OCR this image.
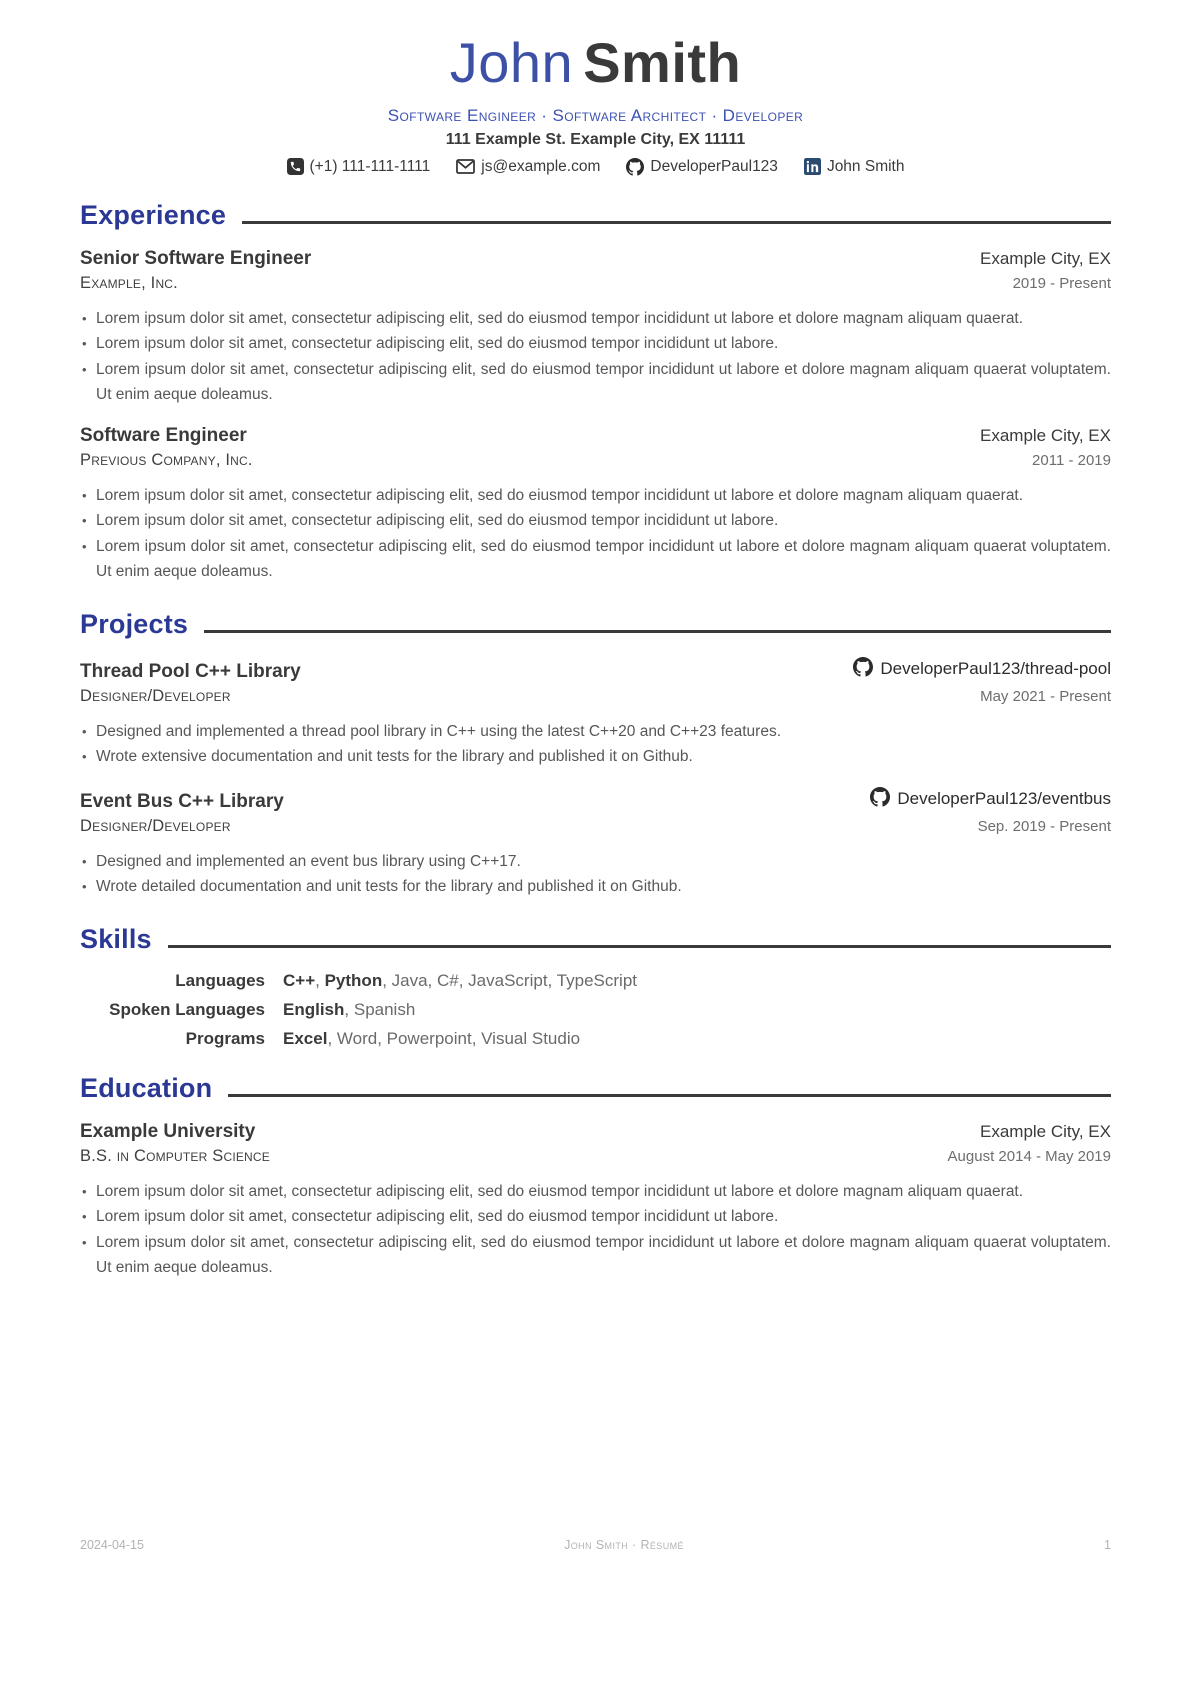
John Smith
Software Engineer · Software Architect · Developer
111 Example St. Example City, EX 11111
(+1) 111-111-1111	js@example.com	DeveloperPaul123	John Smith
Experience
Senior Software Engineer	Example City, EX
Example, Inc.	2019 - Present
• Lorem ipsum dolor sit amet, consectetur adipiscing elit, sed do eiusmod tempor incididunt ut labore et dolore magnam aliquam quaerat.
• Lorem ipsum dolor sit amet, consectetur adipiscing elit, sed do eiusmod tempor incididunt ut labore.
• Lorem ipsum dolor sit amet, consectetur adipiscing elit, sed do eiusmod tempor incididunt ut labore et dolore magnam aliquam quaerat voluptatem. Ut enim aeque doleamus.
Software Engineer	Example City, EX
Previous Company, Inc.	2011 - 2019
• Lorem ipsum dolor sit amet, consectetur adipiscing elit, sed do eiusmod tempor incididunt ut labore et dolore magnam aliquam quaerat.
• Lorem ipsum dolor sit amet, consectetur adipiscing elit, sed do eiusmod tempor incididunt ut labore.
• Lorem ipsum dolor sit amet, consectetur adipiscing elit, sed do eiusmod tempor incididunt ut labore et dolore magnam aliquam quaerat voluptatem. Ut enim aeque doleamus.
Projects
Thread Pool C++ Library	DeveloperPaul123/thread-pool
Designer/Developer	May 2021 - Present
• Designed and implemented a thread pool library in C++ using the latest C++20 and C++23 features.
• Wrote extensive documentation and unit tests for the library and published it on Github.
Event Bus C++ Library	DeveloperPaul123/eventbus
Designer/Developer	Sep. 2019 - Present
• Designed and implemented an event bus library using C++17.
• Wrote detailed documentation and unit tests for the library and published it on Github.
Skills
Languages C++, Python, Java, C#, JavaScript, TypeScript
Spoken Languages English, Spanish
Programs Excel, Word, Powerpoint, Visual Studio
Education
Example University	Example City, EX
B.S. in Computer Science	August 2014 - May 2019
• Lorem ipsum dolor sit amet, consectetur adipiscing elit, sed do eiusmod tempor incididunt ut labore et dolore magnam aliquam quaerat.
• Lorem ipsum dolor sit amet, consectetur adipiscing elit, sed do eiusmod tempor incididunt ut labore.
• Lorem ipsum dolor sit amet, consectetur adipiscing elit, sed do eiusmod tempor incididunt ut labore et dolore magnam aliquam quaerat voluptatem. Ut enim aeque doleamus.
2024-04-15	John Smith · Résumé	1
